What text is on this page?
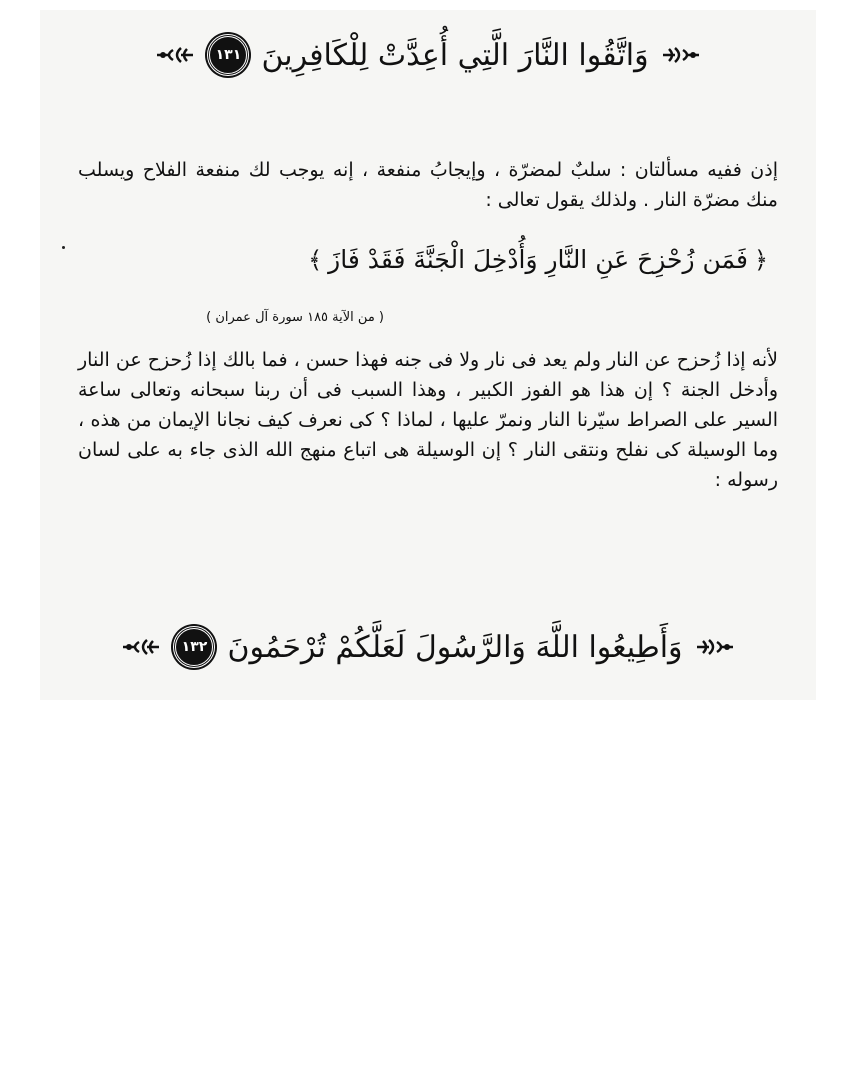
وَاتَّقُوا النَّارَ الَّتِي أُعِدَّتْ لِلْكَافِرِينَ
١٣١

إذن ففيه مسألتان : سلبٌ لمضرّة ، وإيجابُ منفعة ، إنه يوجب لك منفعة الفلاح ويسلب منك مضرّة النار . ولذلك يقول تعالى :

﴿
فَمَن زُحْزِحَ عَنِ النَّارِ وَأُدْخِلَ الْجَنَّةَ فَقَدْ فَازَ
﴾
( من الآية ١٨٥ سورة آل عمران )

لأنه إذا زُحزح عن النار ولم يعد فى نار ولا فى جنه فهذا حسن ، فما بالك إذا زُحزح عن النار وأدخل الجنة ؟ إن هذا هو الفوز الكبير ، وهذا السبب فى أن ربنا سبحانه وتعالى ساعة السير على الصراط سيّرنا النار ونمرّ عليها ، لماذا ؟ كى نعرف كيف نجانا الإيمان من هذه ، وما الوسيلة كى نفلح ونتقى النار ؟ إن الوسيلة هى اتباع منهج الله الذى جاء به على لسان رسوله :

وَأَطِيعُوا اللَّهَ وَالرَّسُولَ لَعَلَّكُمْ تُرْحَمُونَ
١٣٢
